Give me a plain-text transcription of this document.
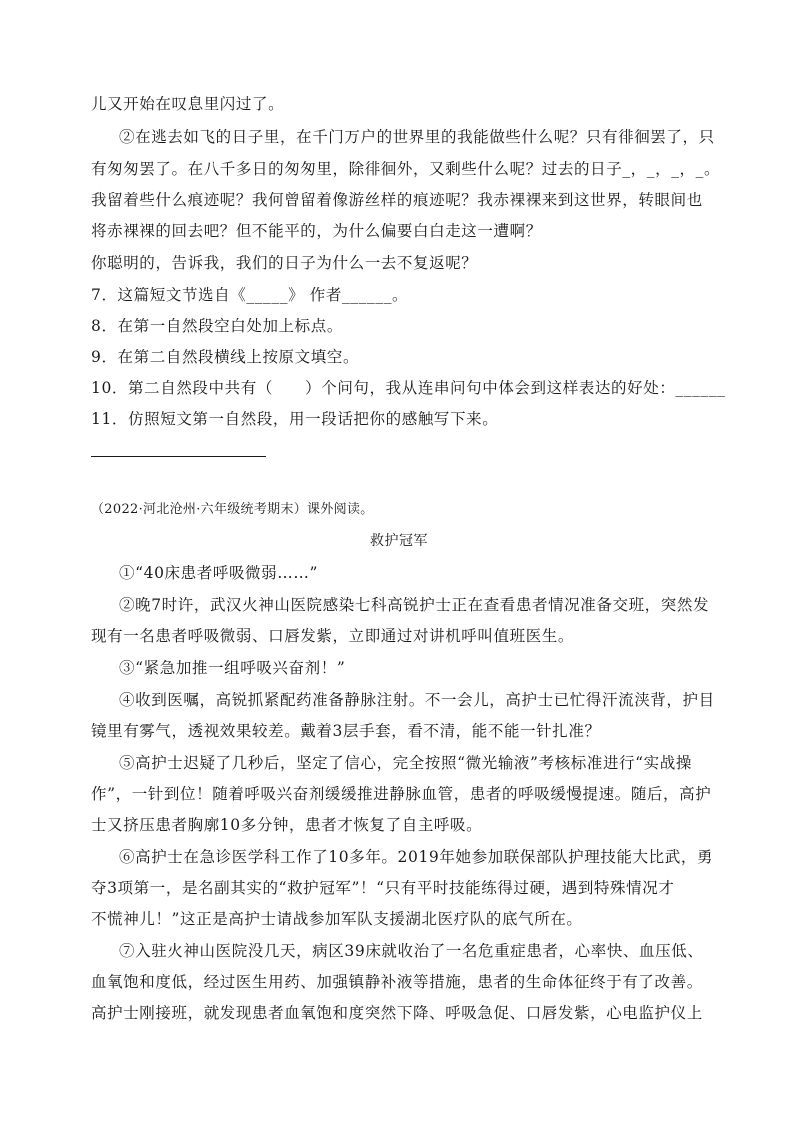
儿又开始在叹息里闪过了。
②在逃去如飞的日子里，在千门万户的世界里的我能做些什么呢？只有徘徊罢了，只
有匆匆罢了。在八千多日的匆匆里，除徘徊外，又剩些什么呢？过去的日子_，_，_，_。
我留着些什么痕迹呢？我何曾留着像游丝样的痕迹呢？我赤裸裸来到这世界，转眼间也
将赤裸裸的回去吧？但不能平的，为什么偏要白白走这一遭啊？
你聪明的，告诉我，我们的日子为什么一去不复返呢？
7．这篇短文节选自《_____》 作者______。
8．在第一自然段空白处加上标点。
9．在第二自然段横线上按原文填空。
10．第二自然段中共有（　　）个问句，我从连串问句中体会到这样表达的好处：______
11．仿照短文第一自然段，用一段话把你的感触写下来。
（2022·河北沧州·六年级统考期末）课外阅读。
救护冠军
①“40床患者呼吸微弱……”
②晚7时许，武汉火神山医院感染七科高锐护士正在查看患者情况准备交班，突然发
现有一名患者呼吸微弱、口唇发紫，立即通过对讲机呼叫值班医生。
③“紧急加推一组呼吸兴奋剂！”
④收到医嘱，高锐抓紧配药准备静脉注射。不一会儿，高护士已忙得汗流浃背，护目
镜里有雾气，透视效果较差。戴着3层手套，看不清，能不能一针扎准？
⑤高护士迟疑了几秒后，坚定了信心，完全按照“微光输液”考核标准进行“实战操
作”，一针到位！随着呼吸兴奋剂缓缓推进静脉血管，患者的呼吸缓慢提速。随后，高护
士又挤压患者胸廓10多分钟，患者才恢复了自主呼吸。
⑥高护士在急诊医学科工作了10多年。2019年她参加联保部队护理技能大比武，勇
夺3项第一，是名副其实的“救护冠军”！“只有平时技能练得过硬，遇到特殊情况才
不慌神儿！”这正是高护士请战参加军队支援湖北医疗队的底气所在。
⑦入驻火神山医院没几天，病区39床就收治了一名危重症患者，心率快、血压低、
血氧饱和度低，经过医生用药、加强镇静补液等措施，患者的生命体征终于有了改善。
高护士刚接班，就发现患者血氧饱和度突然下降、呼吸急促、口唇发紫，心电监护仪上
